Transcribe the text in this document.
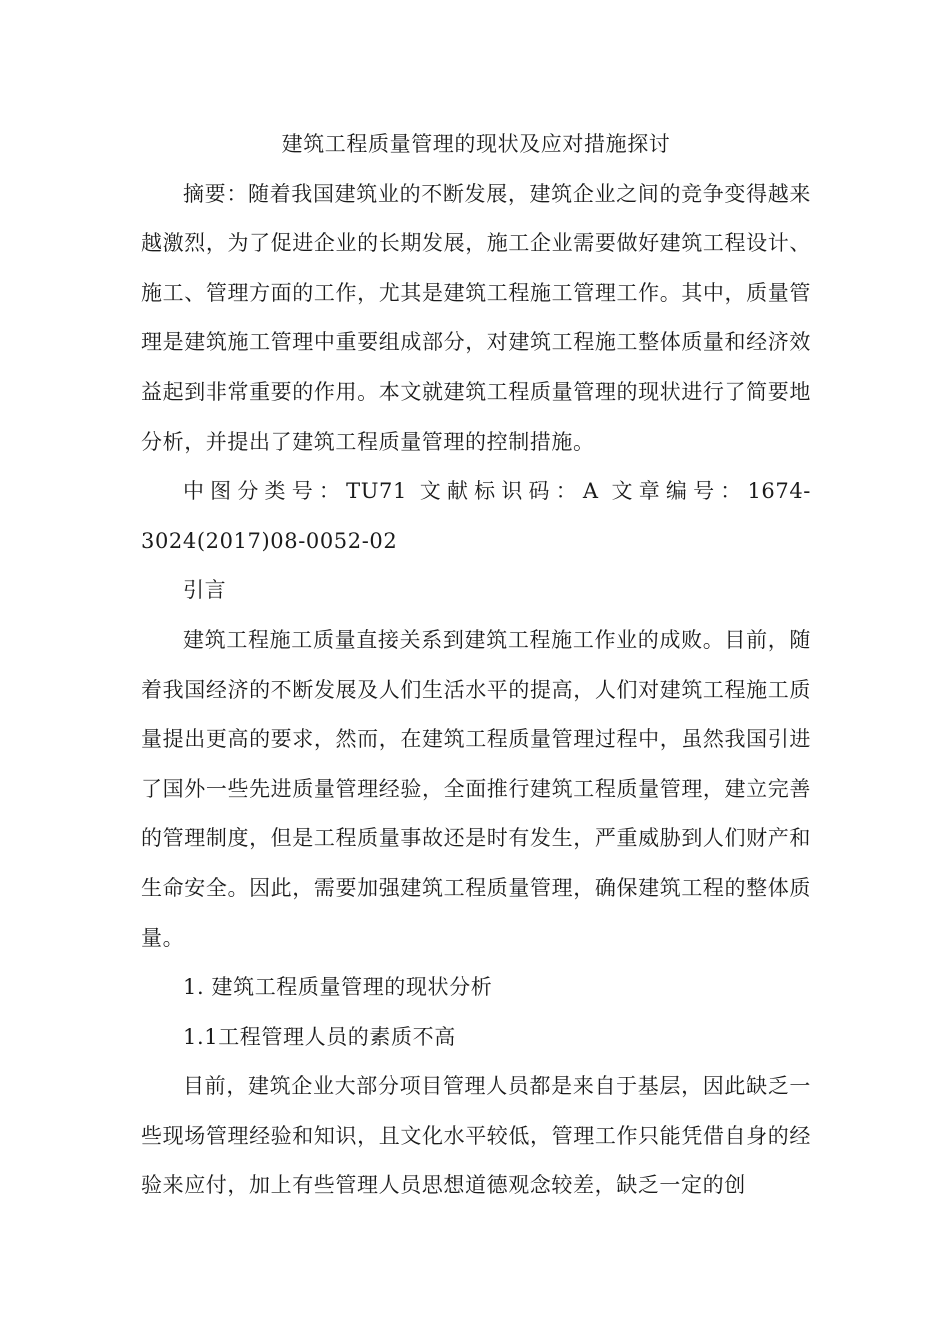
建筑工程质量管理的现状及应对措施探讨

摘要：随着我国建筑业的不断发展，建筑企业之间的竞争变得越来越激烈，为了促进企业的长期发展，施工企业需要做好建筑工程设计、施工、管理方面的工作，尤其是建筑工程施工管理工作。其中，质量管理是建筑施工管理中重要组成部分，对建筑工程施工整体质量和经济效益起到非常重要的作用。本文就建筑工程质量管理的现状进行了简要地分析，并提出了建筑工程质量管理的控制措施。

中图分类号：TU71 文献标识码：A 文章编号：1674-3024(2017)08-0052-02

引言

建筑工程施工质量直接关系到建筑工程施工作业的成败。目前，随着我国经济的不断发展及人们生活水平的提高，人们对建筑工程施工质量提出更高的要求，然而，在建筑工程质量管理过程中，虽然我国引进了国外一些先进质量管理经验，全面推行建筑工程质量管理，建立完善的管理制度，但是工程质量事故还是时有发生，严重威胁到人们财产和生命安全。因此，需要加强建筑工程质量管理，确保建筑工程的整体质量。

1. 建筑工程质量管理的现状分析

1.1工程管理人员的素质不高

目前，建筑企业大部分项目管理人员都是来自于基层，因此缺乏一些现场管理经验和知识，且文化水平较低，管理工作只能凭借自身的经验来应付，加上有些管理人员思想道德观念较差，缺乏一定的创
